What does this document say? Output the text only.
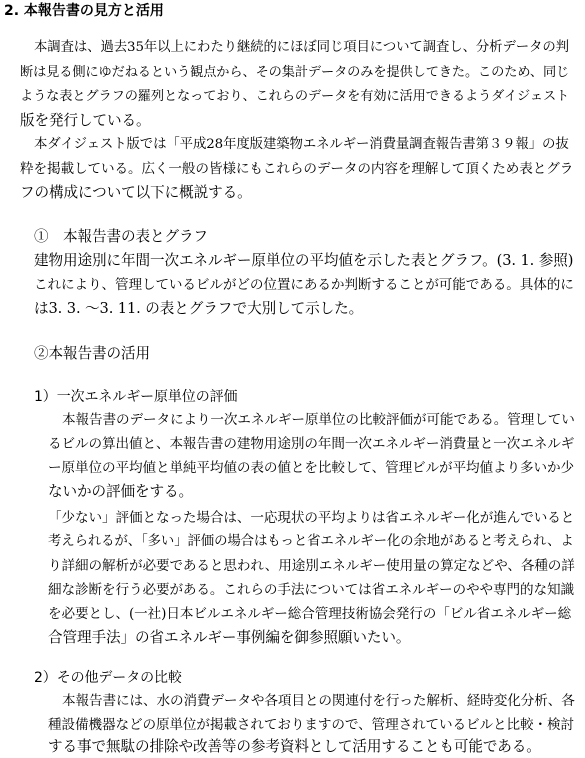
2. 本報告書の見方と活用
本調査は、過去35年以上にわたり継続的にほぼ同じ項目について調査し、分析データの判
断は見る側にゆだねるという観点から、その集計データのみを提供してきた。このため、同じ
ような表とグラフの羅列となっており、これらのデータを有効に活用できるようダイジェスト
版を発行している。
本ダイジェスト版では「平成28年度版建築物エネルギー消費量調査報告書第３９報」の抜
粋を掲載している。広く一般の皆様にもこれらのデータの内容を理解して頂くため表とグラ
フの構成について以下に概説する。
①　本報告書の表とグラフ
建物用途別に年間一次エネルギー原単位の平均値を示した表とグラフ。(3. 1. 参照)
これにより、管理しているビルがどの位置にあるか判断することが可能である。具体的に
は3. 3. ～3. 11. の表とグラフで大別して示した。
②本報告書の活用
1）一次エネルギー原単位の評価
本報告書のデータにより一次エネルギー原単位の比較評価が可能である。管理してい
るビルの算出値と、本報告書の建物用途別の年間一次エネルギー消費量と一次エネルギ
ー原単位の平均値と単純平均値の表の値とを比較して、管理ビルが平均値より多いか少
ないかの評価をする。
「少ない」評価となった場合は、一応現状の平均よりは省エネルギー化が進んでいると
考えられるが、「多い」評価の場合はもっと省エネルギー化の余地があると考えられ、よ
り詳細の解析が必要であると思われ、用途別エネルギー使用量の算定などや、各種の詳
細な診断を行う必要がある。これらの手法については省エネルギーのやや専門的な知識
を必要とし、(一社)日本ビルエネルギー総合管理技術協会発行の「ビル省エネルギー総
合管理手法」の省エネルギー事例編を御参照願いたい。
2）その他データの比較
本報告書には、水の消費データや各項目との関連付を行った解析、経時変化分析、各
種設備機器などの原単位が掲載されておりますので、管理されているビルと比較・検討
する事で無駄の排除や改善等の参考資料として活用することも可能である。
